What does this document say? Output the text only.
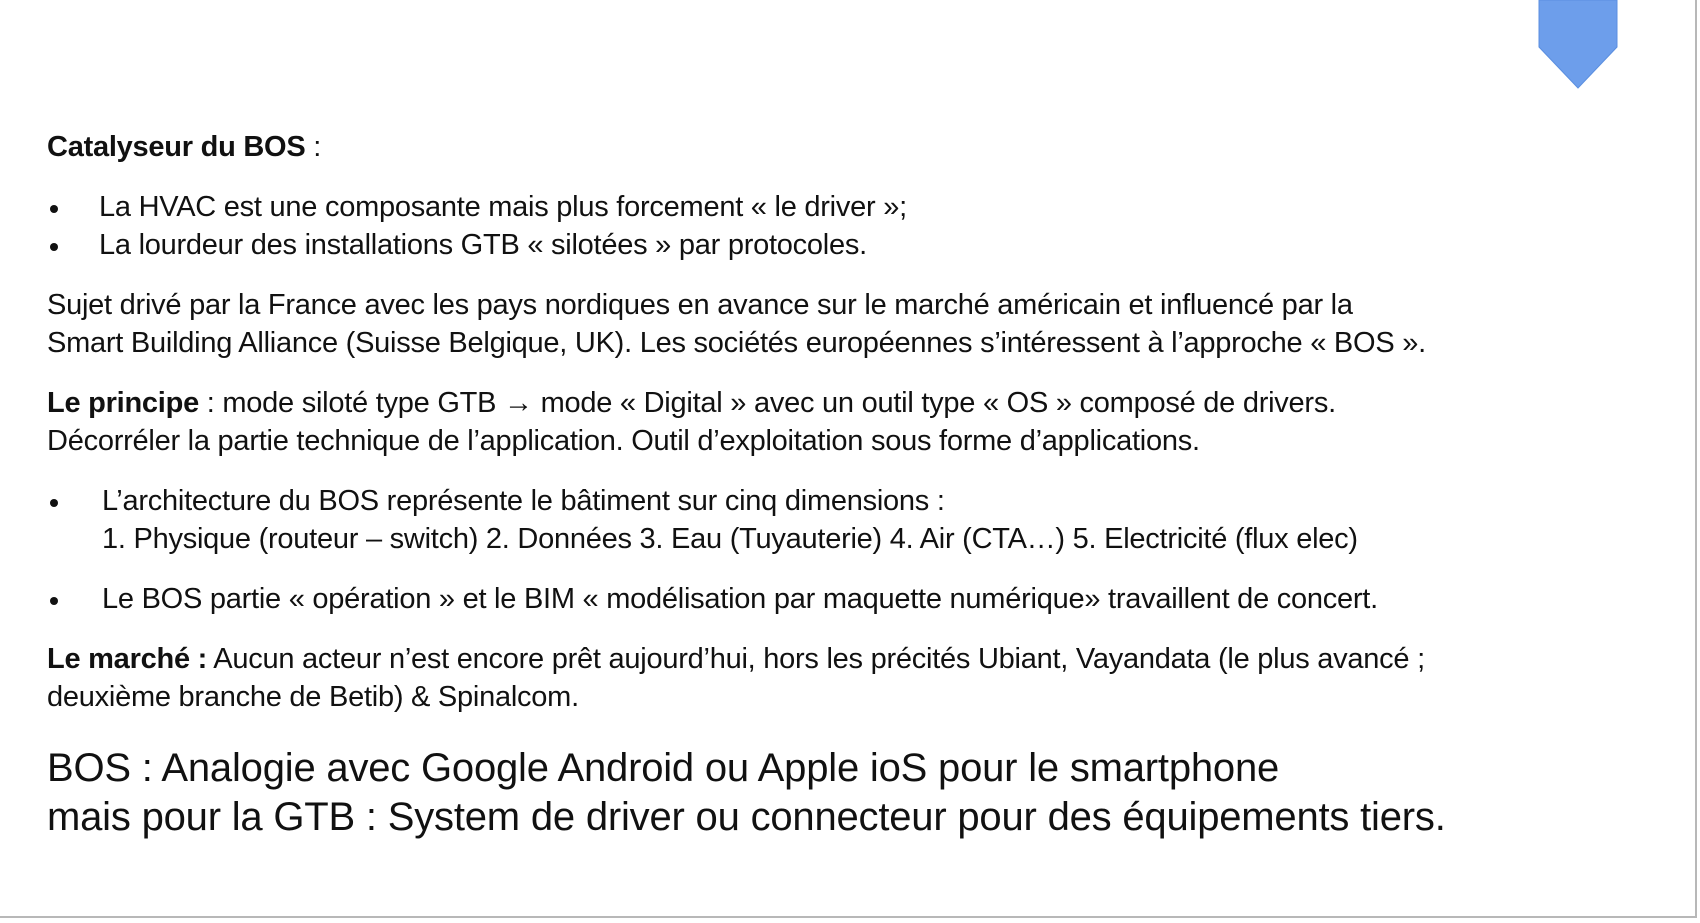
Catalyseur du BOS :

La HVAC est une composante mais plus forcement « le driver »;
La lourdeur des installations GTB « silotées » par protocoles.

Sujet drivé par la France avec les pays nordiques en avance sur le marché américain et influencé par la
Smart Building Alliance (Suisse Belgique, UK). Les sociétés européennes s’intéressent à l’approche « BOS ».

Le principe : mode siloté type GTB → mode « Digital » avec un outil type « OS » composé de drivers.
Décorréler la partie technique de l’application. Outil d’exploitation sous forme d’applications.

L’architecture du BOS représente le bâtiment sur cinq dimensions :
1. Physique (routeur – switch) 2. Données 3. Eau (Tuyauterie) 4. Air (CTA…) 5. Electricité (flux elec)
Le BOS partie « opération » et le BIM « modélisation par maquette numérique» travaillent de concert.

Le marché : Aucun acteur n’est encore prêt aujourd’hui, hors les précités Ubiant, Vayandata (le plus avancé ;
deuxième branche de Betib) & Spinalcom.

BOS : Analogie avec Google Android ou Apple ioS pour le smartphone
mais pour la GTB : System de driver ou connecteur pour des équipements tiers.
